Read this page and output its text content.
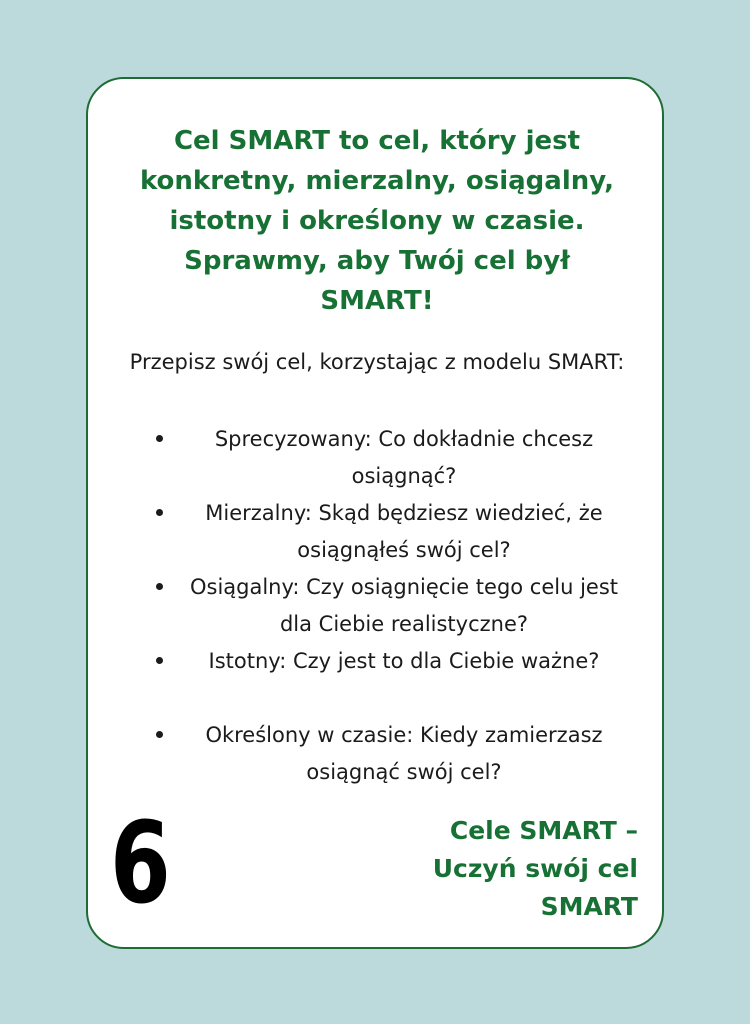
Cel SMART to cel, który jest konkretny, mierzalny, osiągalny, istotny i określony w czasie. Sprawmy, aby Twój cel był SMART!

Przepisz swój cel, korzystając z modelu SMART:

Sprecyzowany: Co dokładnie chcesz osiągnąć?
Mierzalny: Skąd będziesz wiedzieć, że osiągnąłeś swój cel?
Osiągalny: Czy osiągnięcie tego celu jest dla Ciebie realistyczne?
Istotny: Czy jest to dla Ciebie ważne?
Określony w czasie: Kiedy zamierzasz osiągnąć swój cel?
6	Cele SMART – Uczyń swój cel SMART
